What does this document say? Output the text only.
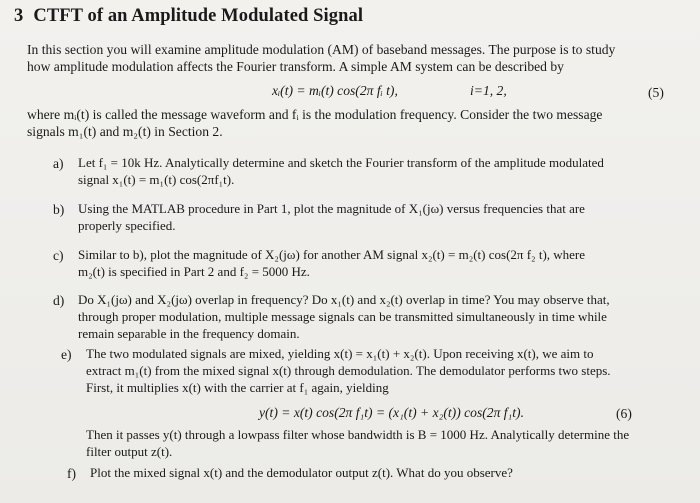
3 CTFT of an Amplitude Modulated Signal
In this section you will examine amplitude modulation (AM) of baseband messages. The purpose is to study
how amplitude modulation affects the Fourier transform. A simple AM system can be described by
xᵢ(t) = mᵢ(t) cos(2π fᵢ t),	i=1, 2,	(5)
where mᵢ(t) is called the message waveform and fᵢ is the modulation frequency. Consider the two message
signals m₁(t) and m₂(t) in Section 2.
a) Let f₁ = 10k Hz. Analytically determine and sketch the Fourier transform of the amplitude modulated
signal x₁(t) = m₁(t) cos(2πf₁t).
b) Using the MATLAB procedure in Part 1, plot the magnitude of X₁(jω) versus frequencies that are
properly specified.
c) Similar to b), plot the magnitude of X₂(jω) for another AM signal x₂(t) = m₂(t) cos(2π f₂ t), where
m₂(t) is specified in Part 2 and f₂ = 5000 Hz.
d) Do X₁(jω) and X₂(jω) overlap in frequency? Do x₁(t) and x₂(t) overlap in time? You may observe that,
through proper modulation, multiple message signals can be transmitted simultaneously in time while
remain separable in the frequency domain.
e) The two modulated signals are mixed, yielding x(t) = x₁(t) + x₂(t). Upon receiving x(t), we aim to
extract m₁(t) from the mixed signal x(t) through demodulation. The demodulator performs two steps.
First, it multiplies x(t) with the carrier at f₁ again, yielding
y(t) = x(t) cos(2π f₁t) = (x₁(t) + x₂(t)) cos(2π f₁t).	(6)
Then it passes y(t) through a lowpass filter whose bandwidth is B = 1000 Hz. Analytically determine the
filter output z(t).
f) Plot the mixed signal x(t) and the demodulator output z(t). What do you observe?
